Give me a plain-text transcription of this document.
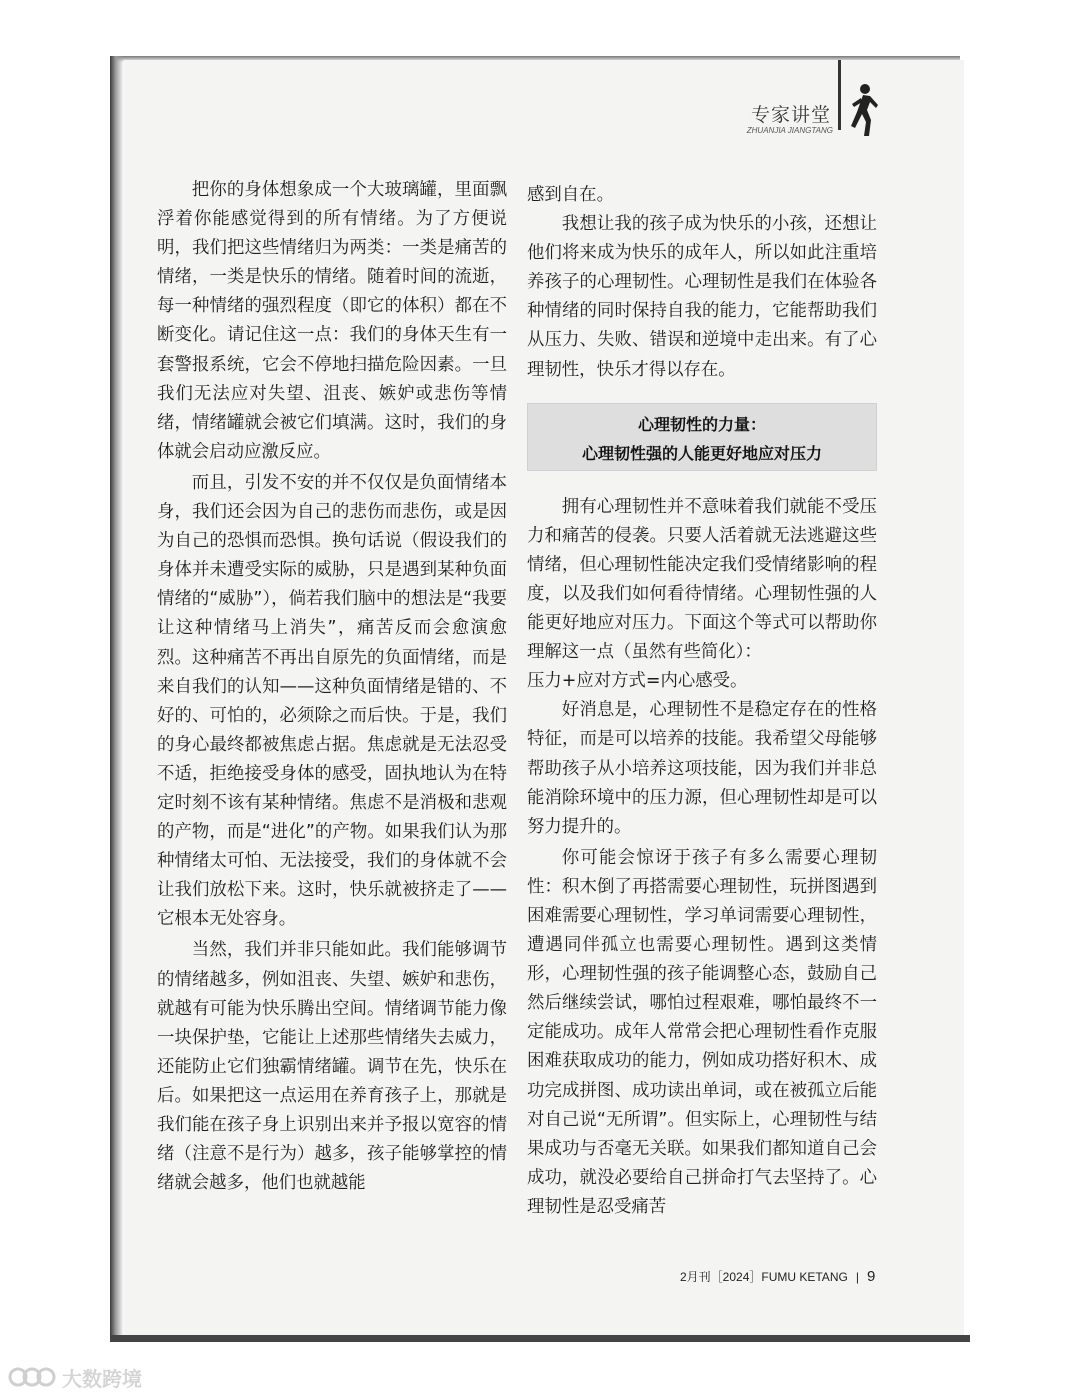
专家讲堂
ZHUANJIA JIANGTANG

把你的身体想象成一个大玻璃罐，里面飘浮着你能感觉得到的所有情绪。为了方便说明，我们把这些情绪归为两类：一类是痛苦的情绪，一类是快乐的情绪。随着时间的流逝，每一种情绪的强烈程度（即它的体积）都在不断变化。请记住这一点：我们的身体天生有一套警报系统，它会不停地扫描危险因素。一旦我们无法应对失望、沮丧、嫉妒或悲伤等情绪，情绪罐就会被它们填满。这时，我们的身体就会启动应激反应。

而且，引发不安的并不仅仅是负面情绪本身，我们还会因为自己的悲伤而悲伤，或是因为自己的恐惧而恐惧。换句话说（假设我们的身体并未遭受实际的威胁，只是遇到某种负面情绪的“威胁”），倘若我们脑中的想法是“我要让这种情绪马上消失”，痛苦反而会愈演愈烈。这种痛苦不再出自原先的负面情绪，而是来自我们的认知——这种负面情绪是错的、不好的、可怕的，必须除之而后快。于是，我们的身心最终都被焦虑占据。焦虑就是无法忍受不适，拒绝接受身体的感受，固执地认为在特定时刻不该有某种情绪。焦虑不是消极和悲观的产物，而是“进化”的产物。如果我们认为那种情绪太可怕、无法接受，我们的身体就不会让我们放松下来。这时，快乐就被挤走了——它根本无处容身。

当然，我们并非只能如此。我们能够调节的情绪越多，例如沮丧、失望、嫉妒和悲伤，就越有可能为快乐腾出空间。情绪调节能力像一块保护垫，它能让上述那些情绪失去威力，还能防止它们独霸情绪罐。调节在先，快乐在后。如果把这一点运用在养育孩子上，那就是我们能在孩子身上识别出来并予报以宽容的情绪（注意不是行为）越多，孩子能够掌控的情绪就会越多，他们也就越能

感到自在。

我想让我的孩子成为快乐的小孩，还想让他们将来成为快乐的成年人，所以如此注重培养孩子的心理韧性。心理韧性是我们在体验各种情绪的同时保持自我的能力，它能帮助我们从压力、失败、错误和逆境中走出来。有了心理韧性，快乐才得以存在。

心理韧性的力量：
心理韧性强的人能更好地应对压力

拥有心理韧性并不意味着我们就能不受压力和痛苦的侵袭。只要人活着就无法逃避这些情绪，但心理韧性能决定我们受情绪影响的程度，以及我们如何看待情绪。心理韧性强的人能更好地应对压力。下面这个等式可以帮助你理解这一点（虽然有些简化）：

压力+应对方式=内心感受。

好消息是，心理韧性不是稳定存在的性格特征，而是可以培养的技能。我希望父母能够帮助孩子从小培养这项技能，因为我们并非总能消除环境中的压力源，但心理韧性却是可以努力提升的。

你可能会惊讶于孩子有多么需要心理韧性：积木倒了再搭需要心理韧性，玩拼图遇到困难需要心理韧性，学习单词需要心理韧性，遭遇同伴孤立也需要心理韧性。遇到这类情形，心理韧性强的孩子能调整心态，鼓励自己然后继续尝试，哪怕过程艰难，哪怕最终不一定能成功。成年人常常会把心理韧性看作克服困难获取成功的能力，例如成功搭好积木、成功完成拼图、成功读出单词，或在被孤立后能对自己说“无所谓”。但实际上，心理韧性与结果成功与否毫无关联。如果我们都知道自己会成功，就没必要给自己拼命打气去坚持了。心理韧性是忍受痛苦

2月刊［2024］FUMU KETANG | 9
大数跨境
